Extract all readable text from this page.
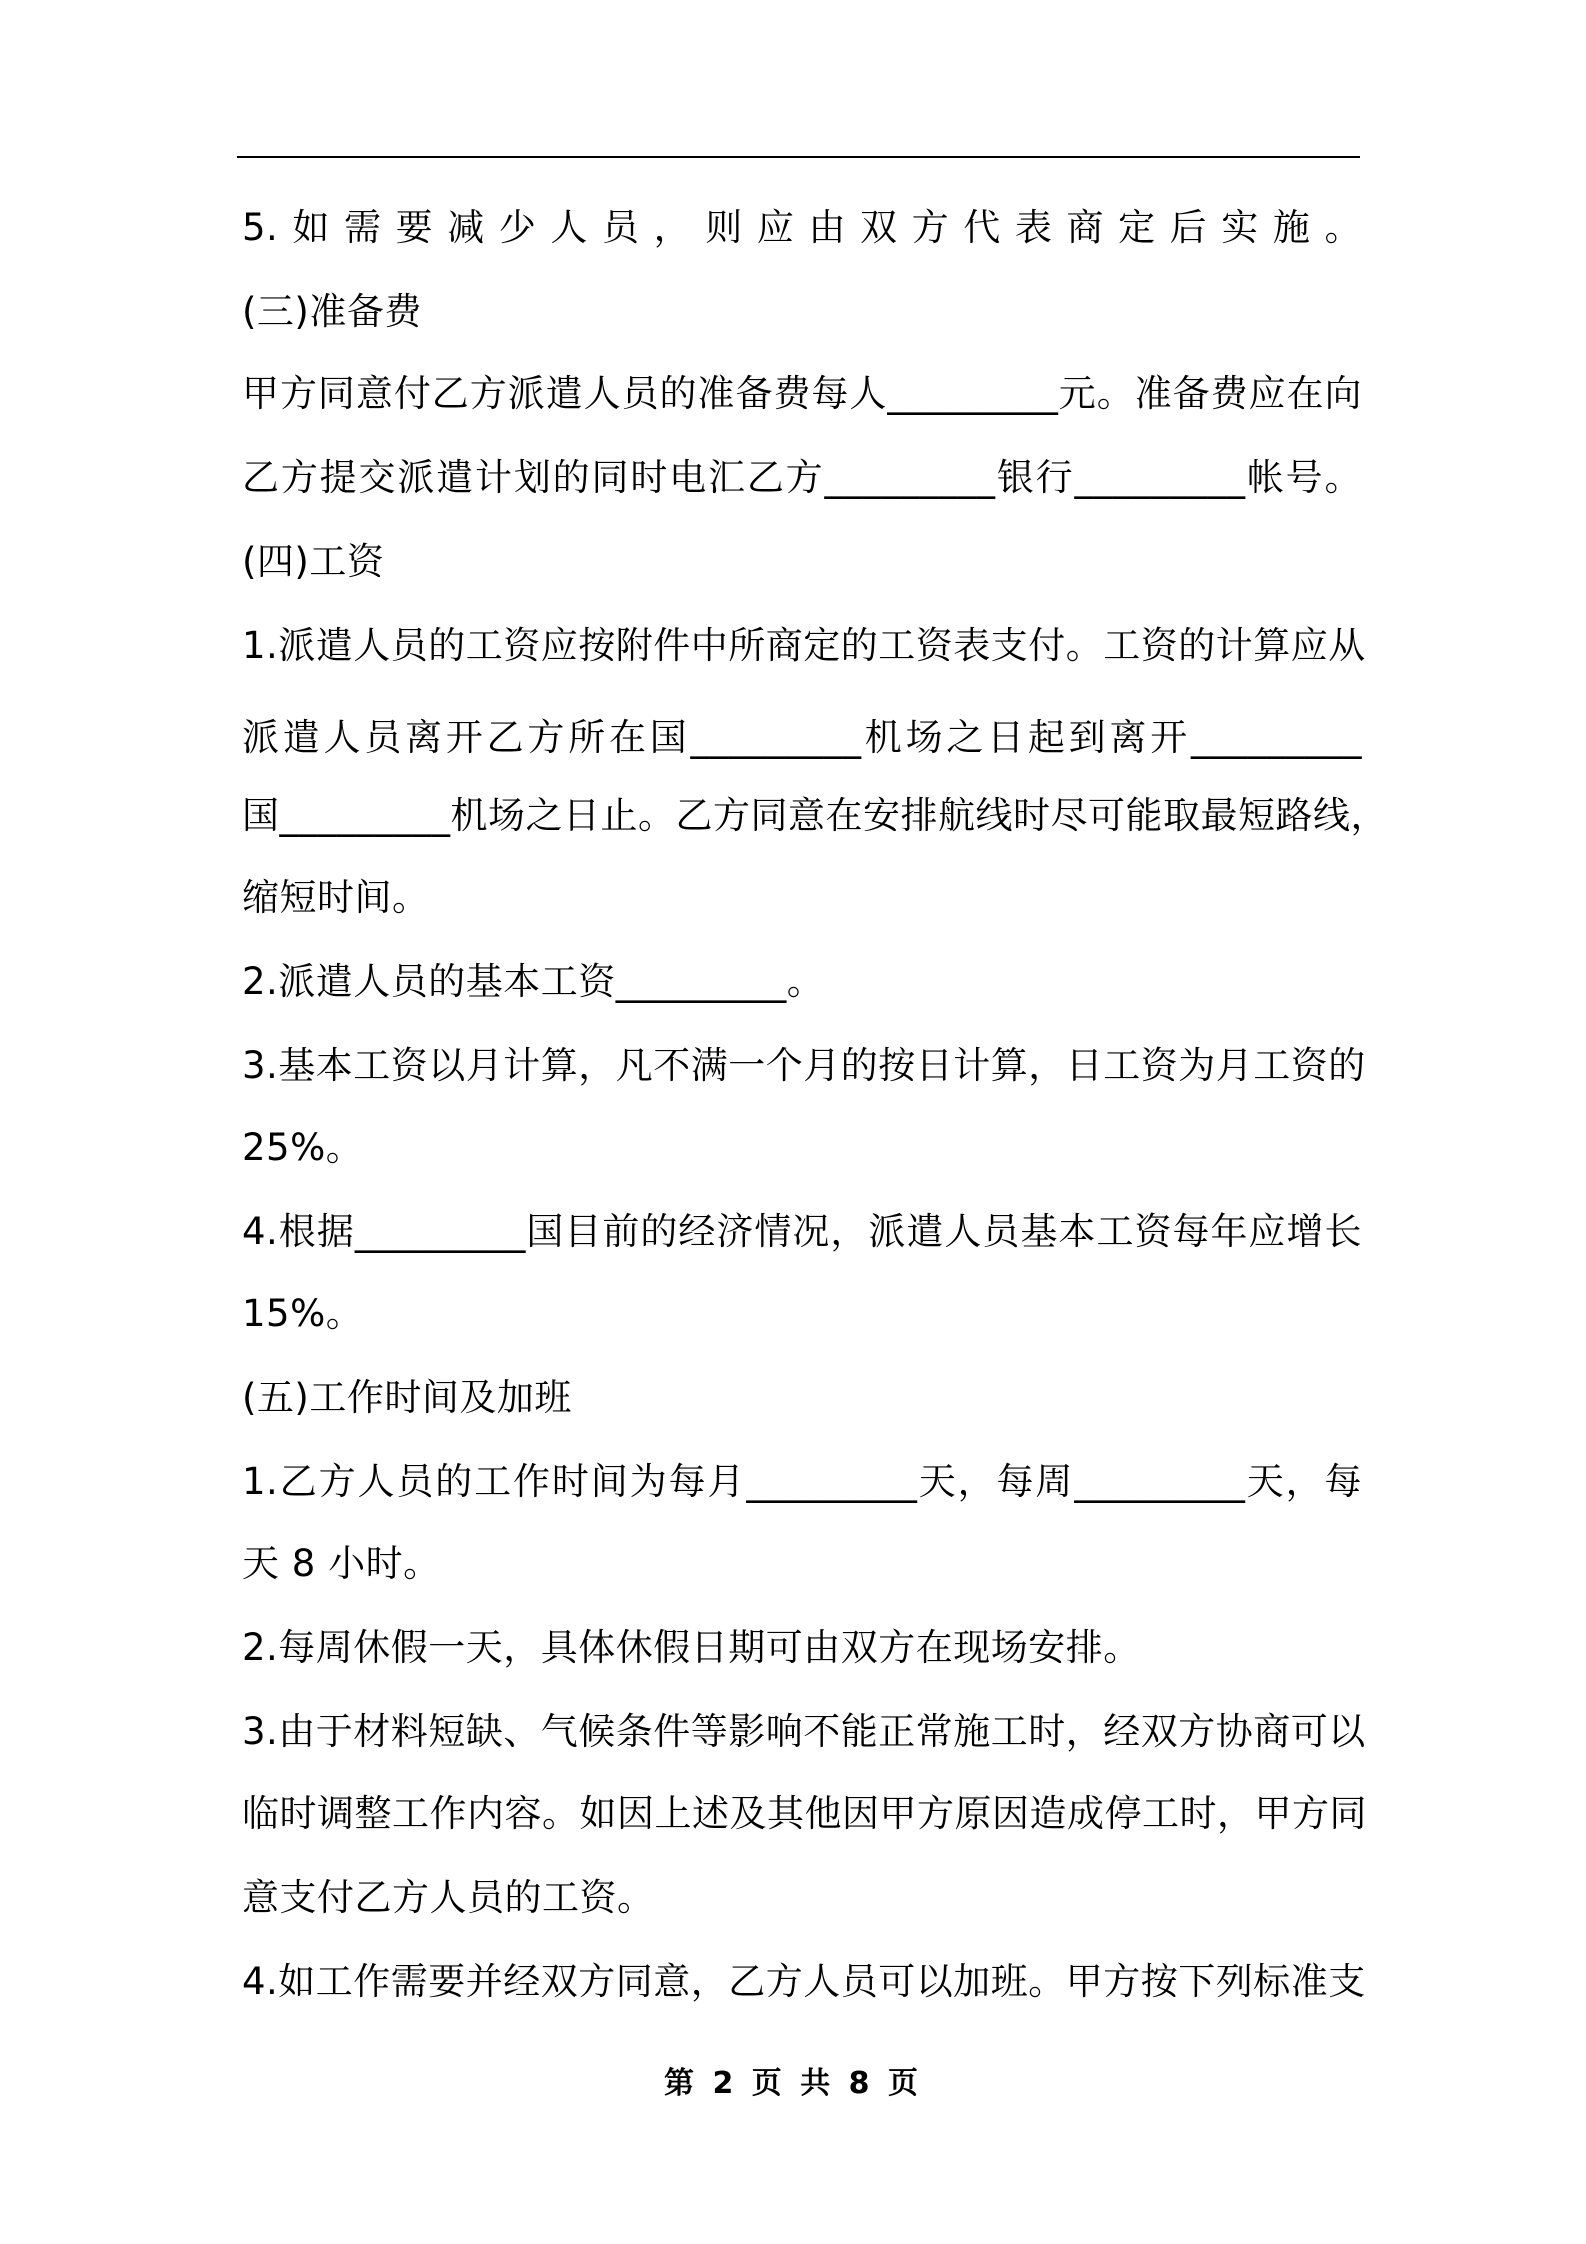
5.如需要减少人员，则应由双方代表商定后实施。
(三)准备费
甲方同意付乙方派遣人员的准备费每人_________元。准备费应在向
乙方提交派遣计划的同时电汇乙方_________银行_________帐号。
(四)工资
1.派遣人员的工资应按附件中所商定的工资表支付。工资的计算应从
派遣人员离开乙方所在国_________机场之日起到离开_________
国_________机场之日止。乙方同意在安排航线时尽可能取最短路线，
缩短时间。
2.派遣人员的基本工资_________。
3.基本工资以月计算，凡不满一个月的按日计算，日工资为月工资的
25%。
4.根据_________国目前的经济情况，派遣人员基本工资每年应增长
15%。
(五)工作时间及加班
1.乙方人员的工作时间为每月_________天，每周_________天，每
天 8 小时。
2.每周休假一天，具体休假日期可由双方在现场安排。
3.由于材料短缺、气候条件等影响不能正常施工时，经双方协商可以
临时调整工作内容。如因上述及其他因甲方原因造成停工时，甲方同
意支付乙方人员的工资。
4.如工作需要并经双方同意，乙方人员可以加班。甲方按下列标准支
第 2 页 共 8 页
